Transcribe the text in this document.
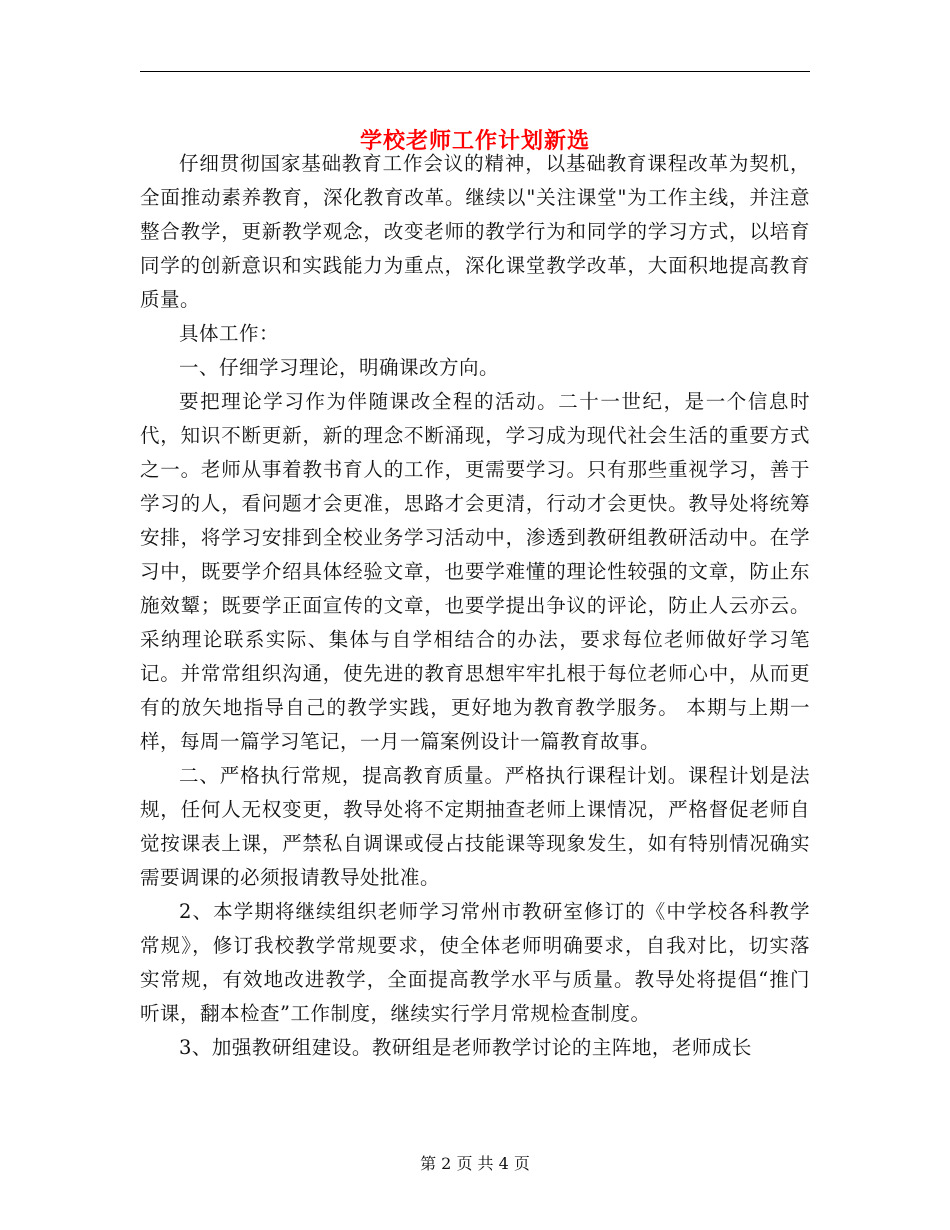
学校老师工作计划新选

仔细贯彻国家基础教育工作会议的精神，以基础教育课程改革为契机，全面推动素养教育，深化教育改革。继续以"关注课堂"为工作主线，并注意整合教学，更新教学观念，改变老师的教学行为和同学的学习方式，以培育同学的创新意识和实践能力为重点，深化课堂教学改革，大面积地提高教育质量。

具体工作：

一、仔细学习理论，明确课改方向。

要把理论学习作为伴随课改全程的活动。二十一世纪，是一个信息时代，知识不断更新，新的理念不断涌现，学习成为现代社会生活的重要方式之一。老师从事着教书育人的工作，更需要学习。只有那些重视学习，善于学习的人，看问题才会更准，思路才会更清，行动才会更快。教导处将统筹安排，将学习安排到全校业务学习活动中，渗透到教研组教研活动中。在学习中，既要学介绍具体经验文章，也要学难懂的理论性较强的文章，防止东施效颦；既要学正面宣传的文章，也要学提出争议的评论，防止人云亦云。采纳理论联系实际、集体与自学相结合的办法，要求每位老师做好学习笔记。并常常组织沟通，使先进的教育思想牢牢扎根于每位老师心中，从而更有的放矢地指导自己的教学实践，更好地为教育教学服务。 本期与上期一样，每周一篇学习笔记，一月一篇案例设计一篇教育故事。

二、严格执行常规，提高教育质量。严格执行课程计划。课程计划是法规，任何人无权变更，教导处将不定期抽查老师上课情况，严格督促老师自觉按课表上课，严禁私自调课或侵占技能课等现象发生，如有特别情况确实需要调课的必须报请教导处批准。

2、本学期将继续组织老师学习常州市教研室修订的《中学校各科教学常规》，修订我校教学常规要求，使全体老师明确要求，自我对比，切实落实常规，有效地改进教学，全面提高教学水平与质量。教导处将提倡“推门听课，翻本检查”工作制度，继续实行学月常规检查制度。

3、加强教研组建设。教研组是老师教学讨论的主阵地，老师成长

第 2 页 共 4 页
